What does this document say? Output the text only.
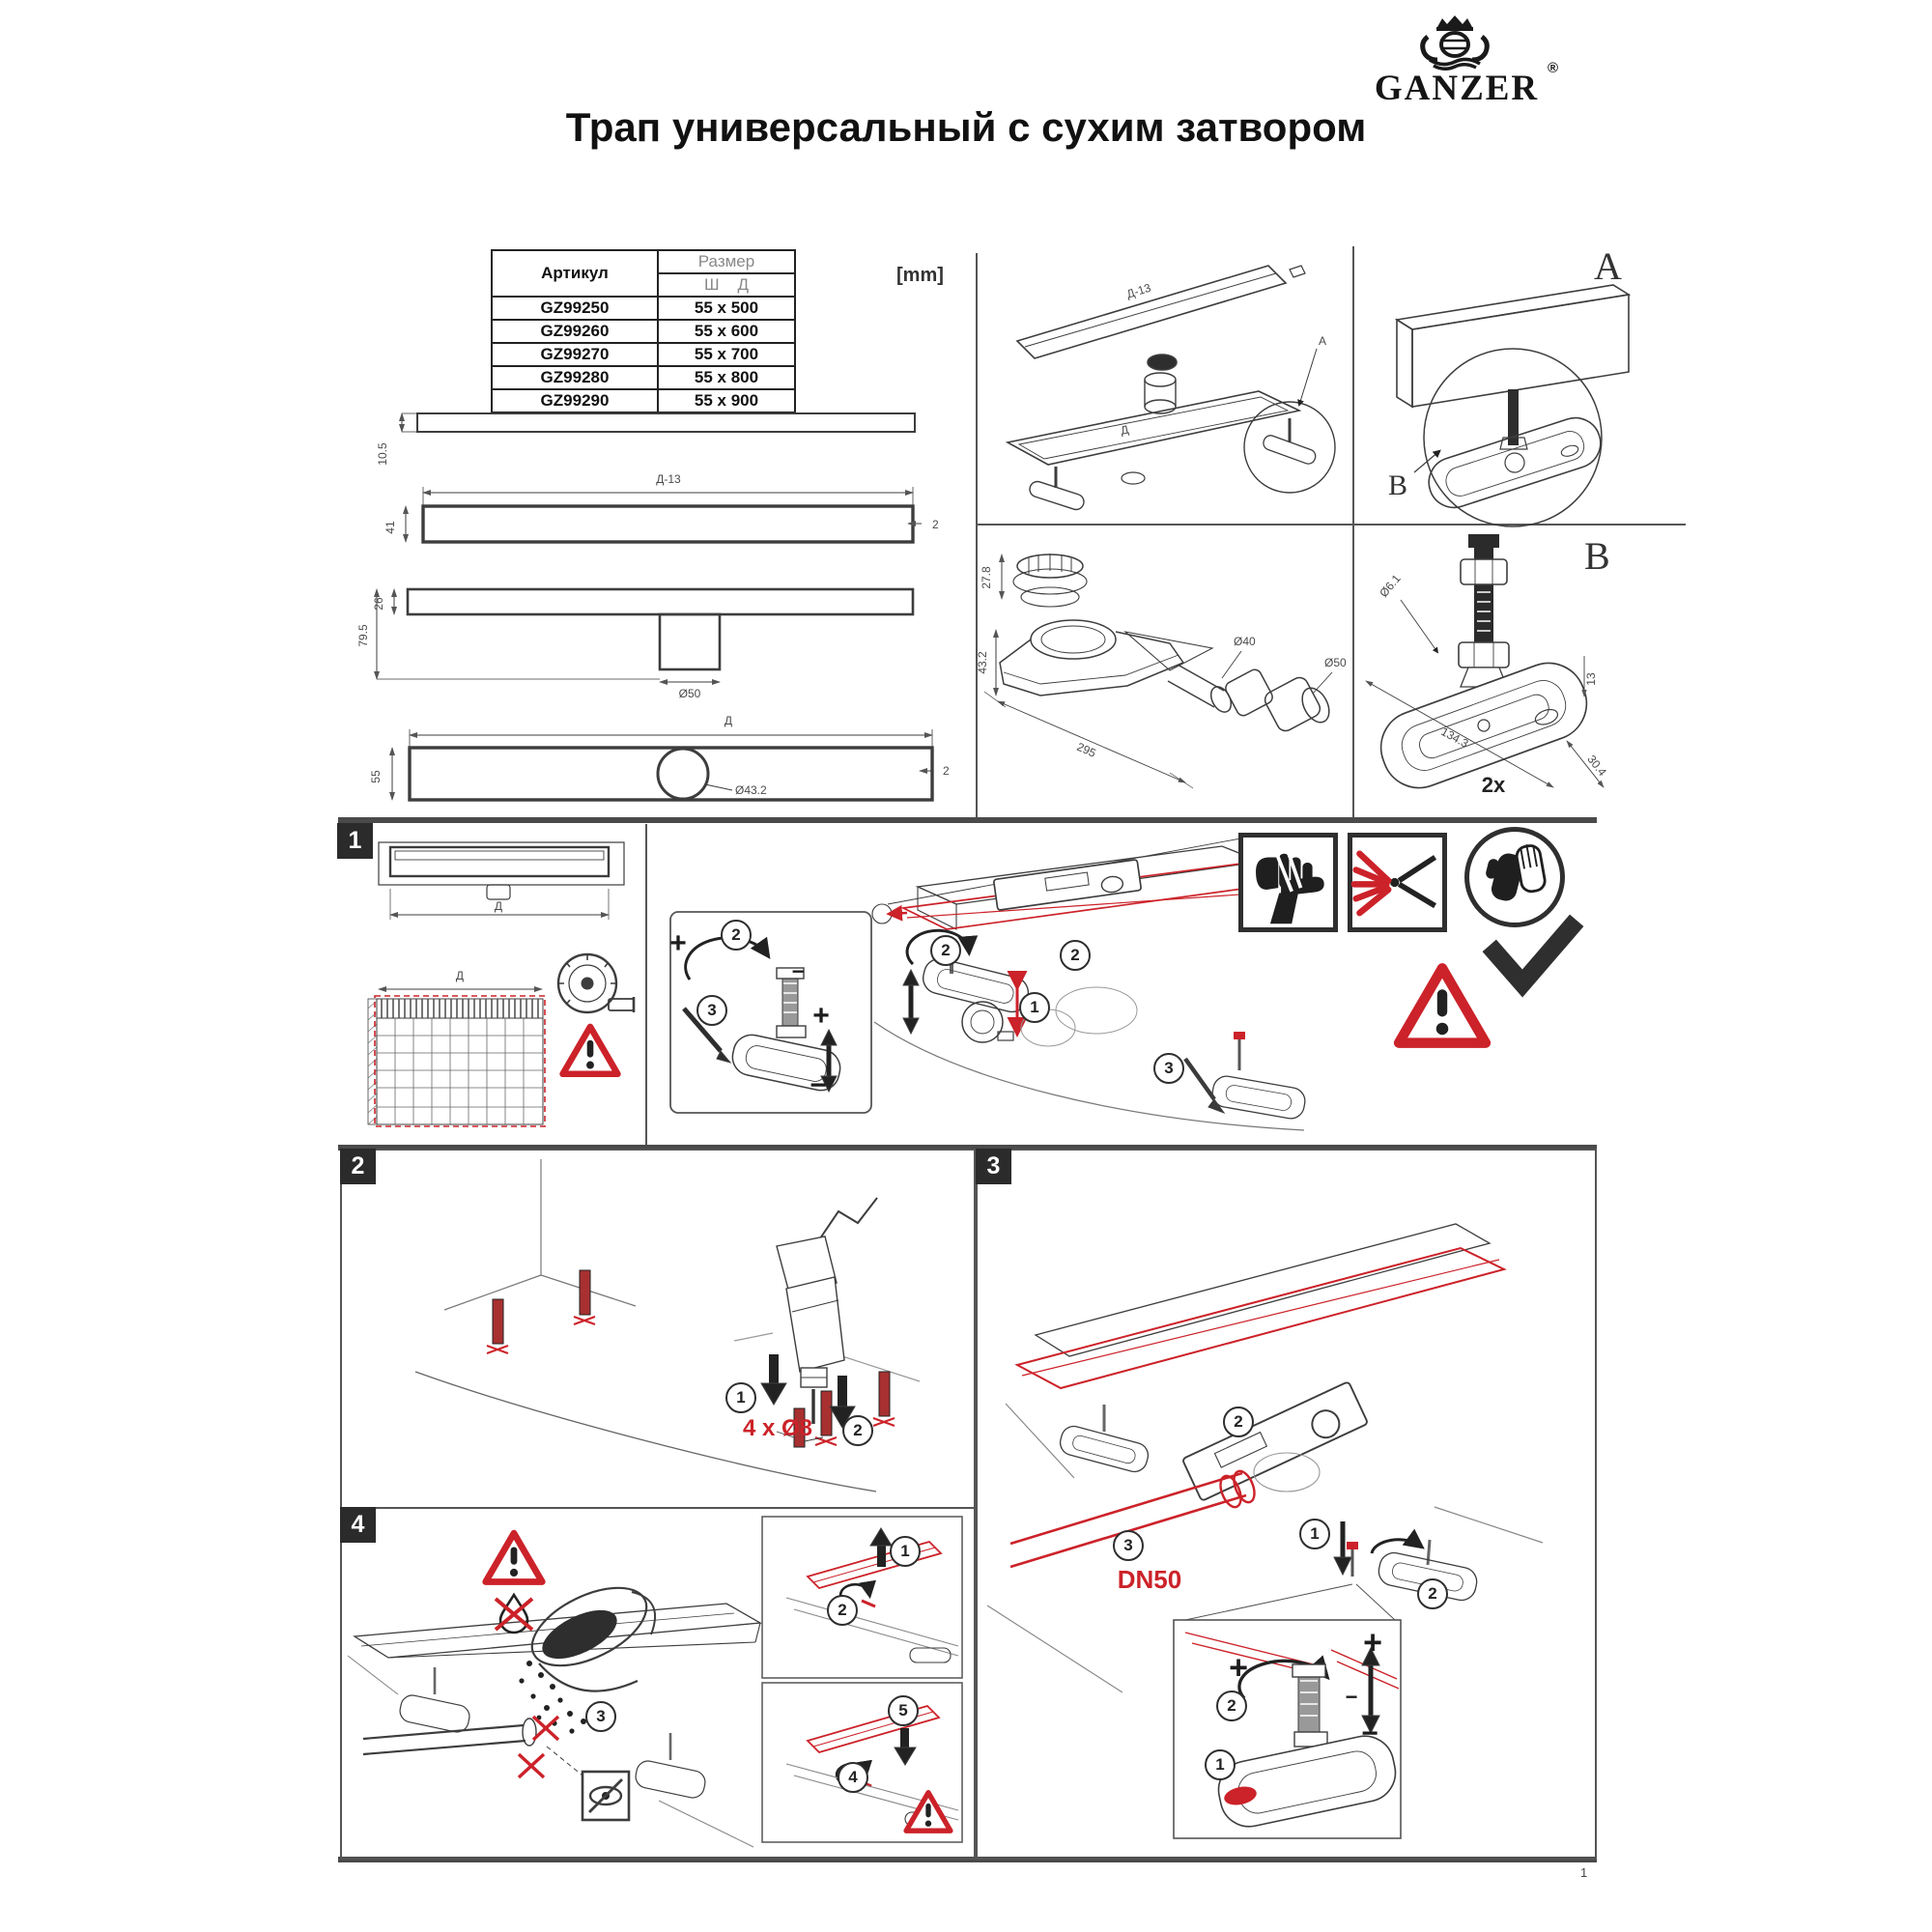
GANZER
®
Трап универсальный с сухим затвором
Артикул	Размер
	Ш    Д
GZ99250	55 x 500
GZ99260	55 x 600
GZ99270	55 x 700
GZ99280	55 x 800
GZ99290	55 x 900
[mm]
10.5
Д-13
41	2
26
79.5
Ø50
Д
55
Ø43.2
2
Д-13
Д
А
A
B
27.8
43.2
295
Ø40
Ø50
B
Ø6.1
134.3
13
30.4
2x
1
Д
Д
2
3
+
−
+
−
2	2
1
3
2
1
2
4 x Ø8
3
2
3
1
2
DN50
2
1
+
−
+
−
4
3
1
2
5
4
1
